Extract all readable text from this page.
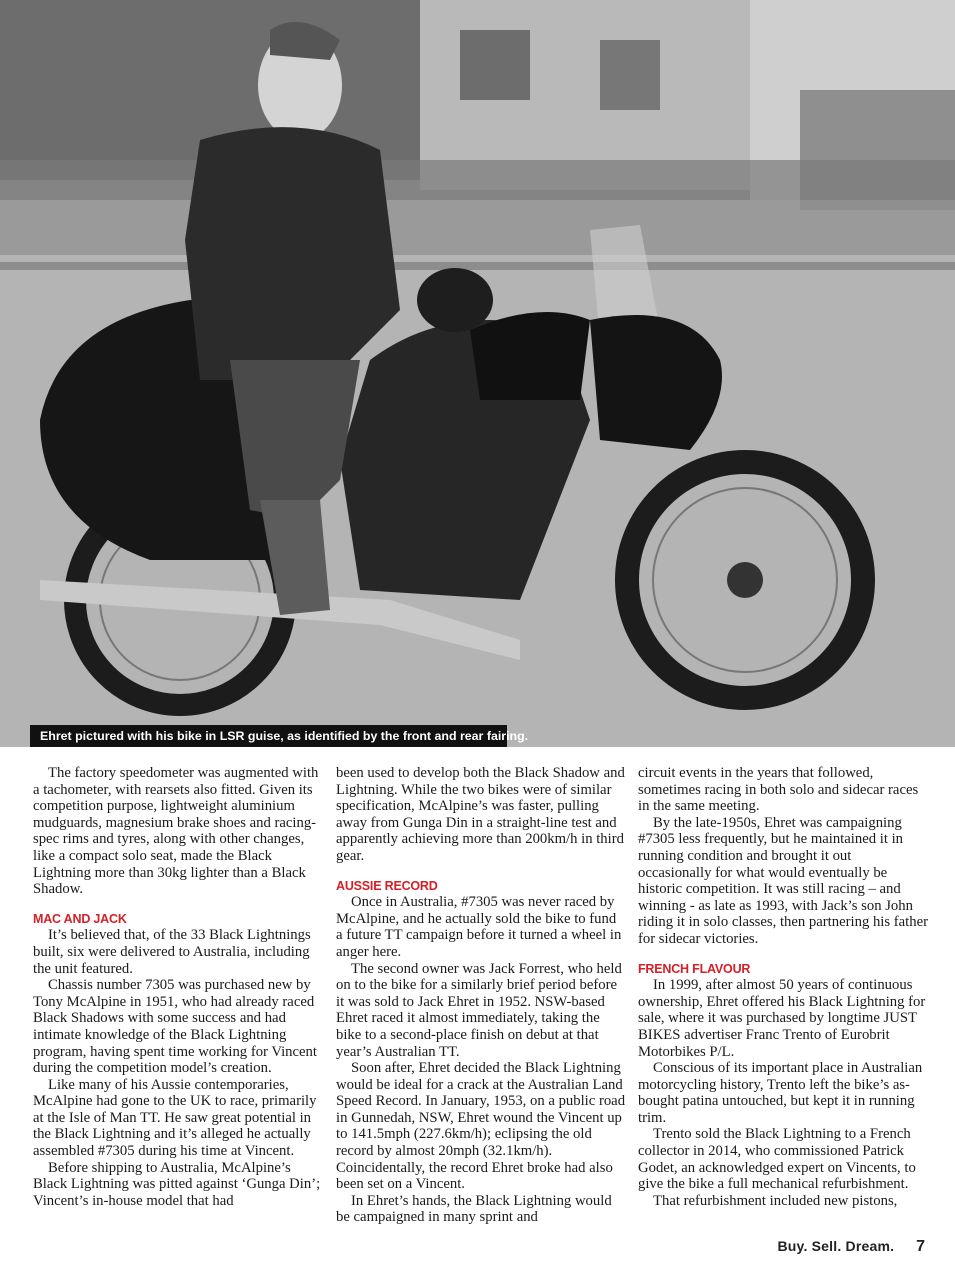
Ehret pictured with his bike in LSR guise, as identified by the front and rear fairing.

The factory speedometer was augmented with a tachometer, with rearsets also fitted. Given its competition purpose, lightweight aluminium mudguards, magnesium brake shoes and racing-spec rims and tyres, along with other changes, like a compact solo seat, made the Black Lightning more than 30kg lighter than a Black Shadow.

MAC AND JACK

It’s believed that, of the 33 Black Lightnings built, six were delivered to Australia, including the unit featured.

Chassis number 7305 was purchased new by Tony McAlpine in 1951, who had already raced Black Shadows with some success and had intimate knowledge of the Black Lightning program, having spent time working for Vincent during the competition model’s creation.

Like many of his Aussie contemporaries, McAlpine had gone to the UK to race, primarily at the Isle of Man TT. He saw great potential in the Black Lightning and it’s alleged he actually assembled #7305 during his time at Vincent.

Before shipping to Australia, McAlpine’s Black Lightning was pitted against ‘Gunga Din’; Vincent’s in-house model that had

been used to develop both the Black Shadow and Lightning. While the two bikes were of similar specification, McAlpine’s was faster, pulling away from Gunga Din in a straight-line test and apparently achieving more than 200km/h in third gear.

AUSSIE RECORD

Once in Australia, #7305 was never raced by McAlpine, and he actually sold the bike to fund a future TT campaign before it turned a wheel in anger here.

The second owner was Jack Forrest, who held on to the bike for a similarly brief period before it was sold to Jack Ehret in 1952. NSW-based Ehret raced it almost immediately, taking the bike to a second-place finish on debut at that year’s Australian TT.

Soon after, Ehret decided the Black Lightning would be ideal for a crack at the Australian Land Speed Record. In January, 1953, on a public road in Gunnedah, NSW, Ehret wound the Vincent up to 141.5mph (227.6km/h); eclipsing the old record by almost 20mph (32.1km/h). Coincidentally, the record Ehret broke had also been set on a Vincent.

In Ehret’s hands, the Black Lightning would be campaigned in many sprint and

circuit events in the years that followed, sometimes racing in both solo and sidecar races in the same meeting.

By the late-1950s, Ehret was campaigning #7305 less frequently, but he maintained it in running condition and brought it out occasionally for what would eventually be historic competition. It was still racing – and winning - as late as 1993, with Jack’s son John riding it in solo classes, then partnering his father for sidecar victories.

FRENCH FLAVOUR

In 1999, after almost 50 years of continuous ownership, Ehret offered his Black Lightning for sale, where it was purchased by longtime JUST BIKES advertiser Franc Trento of Eurobrit Motorbikes P/L.

Conscious of its important place in Australian motorcycling history, Trento left the bike’s as-bought patina untouched, but kept it in running trim.

Trento sold the Black Lightning to a French collector in 2014, who commissioned Patrick Godet, an acknowledged expert on Vincents, to give the bike a full mechanical refurbishment.

That refurbishment included new pistons,

Buy. Sell. Dream. 7
